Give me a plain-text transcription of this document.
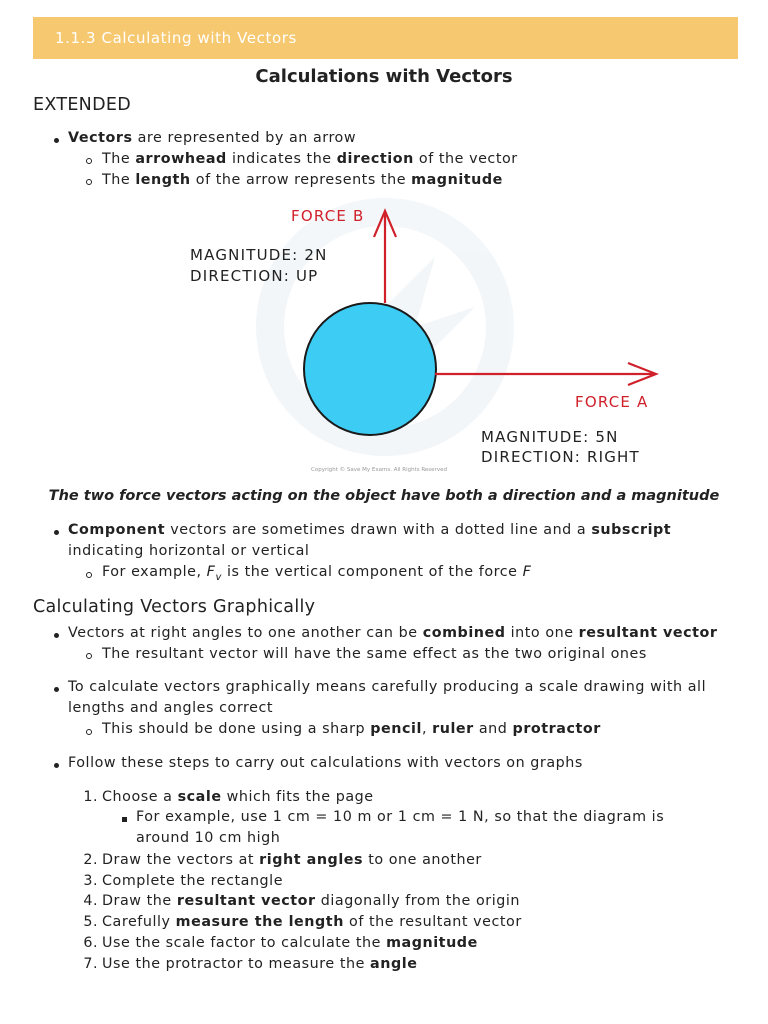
1.1.3 Calculating with Vectors
Calculations with Vectors
EXTENDED
Vectors are represented by an arrow
The arrowhead indicates the direction of the vector
The length of the arrow represents the magnitude
FORCE B
MAGNITUDE: 2N
DIRECTION: UP
FORCE A
MAGNITUDE: 5N
DIRECTION: RIGHT
Copyright © Save My Exams. All Rights Reserved
The two force vectors acting on the object have both a direction and a magnitude
Component vectors are sometimes drawn with a dotted line and a subscript
indicating horizontal or vertical
For example, $F_v$ is the vertical component of the force F
Calculating Vectors Graphically
Vectors at right angles to one another can be combined into one resultant vector
The resultant vector will have the same effect as the two original ones
To calculate vectors graphically means carefully producing a scale drawing with all
lengths and angles correct
This should be done using a sharp pencil, ruler and protractor
Follow these steps to carry out calculations with vectors on graphs
1. Choose a scale which fits the page
For example, use 1 cm = 10 m or 1 cm = 1 N, so that the diagram is
around 10 cm high
2. Draw the vectors at right angles to one another
3. Complete the rectangle
4. Draw the resultant vector diagonally from the origin
5. Carefully measure the length of the resultant vector
6. Use the scale factor to calculate the magnitude
7. Use the protractor to measure the angle
